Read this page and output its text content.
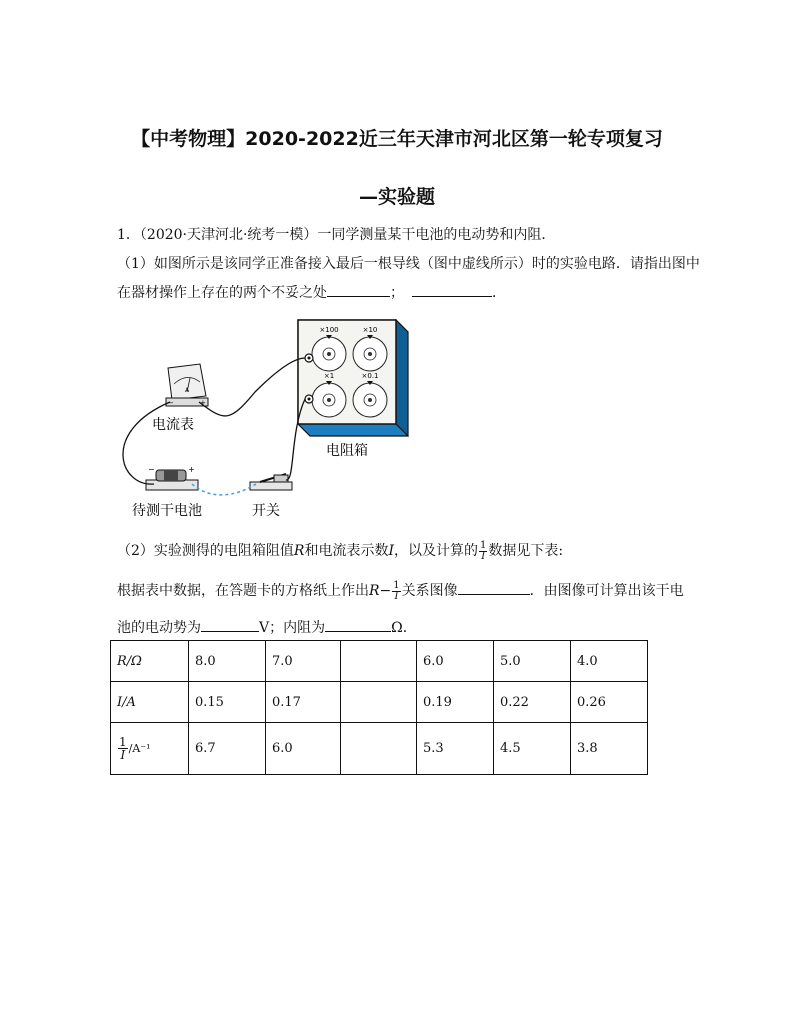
【中考物理】2020-2022近三年天津市河北区第一轮专项复习
—实验题
1．（2020·天津河北·统考一模）一同学测量某干电池的电动势和内阻．
（1）如图所示是该同学正准备接入最后一根导线（图中虚线所示）时的实验电路．请指出图中
在器材操作上存在的两个不妥之处	；	．
×100	×10
×1	×0.1
A
−	+
−	+
电流表
电阻箱
待测干电池	开关
（2）实验测得的电阻箱阻值R和电流表示数I，以及计算的 $\frac{1}{I}$ 数据见下表:
根据表中数据，在答题卡的方格纸上作出$R- \frac{1}{I}$ 关系图像	．由图像可计算出该干电
池的电动势为	V；内阻为	Ω．
R/Ω	8.0	7.0		6.0	5.0	4.0
I/A	0.15	0.17		0.19	0.22	0.26

$\frac{1}{I} /A^{-1}$	6.7	6.0		5.3	4.5	3.8
